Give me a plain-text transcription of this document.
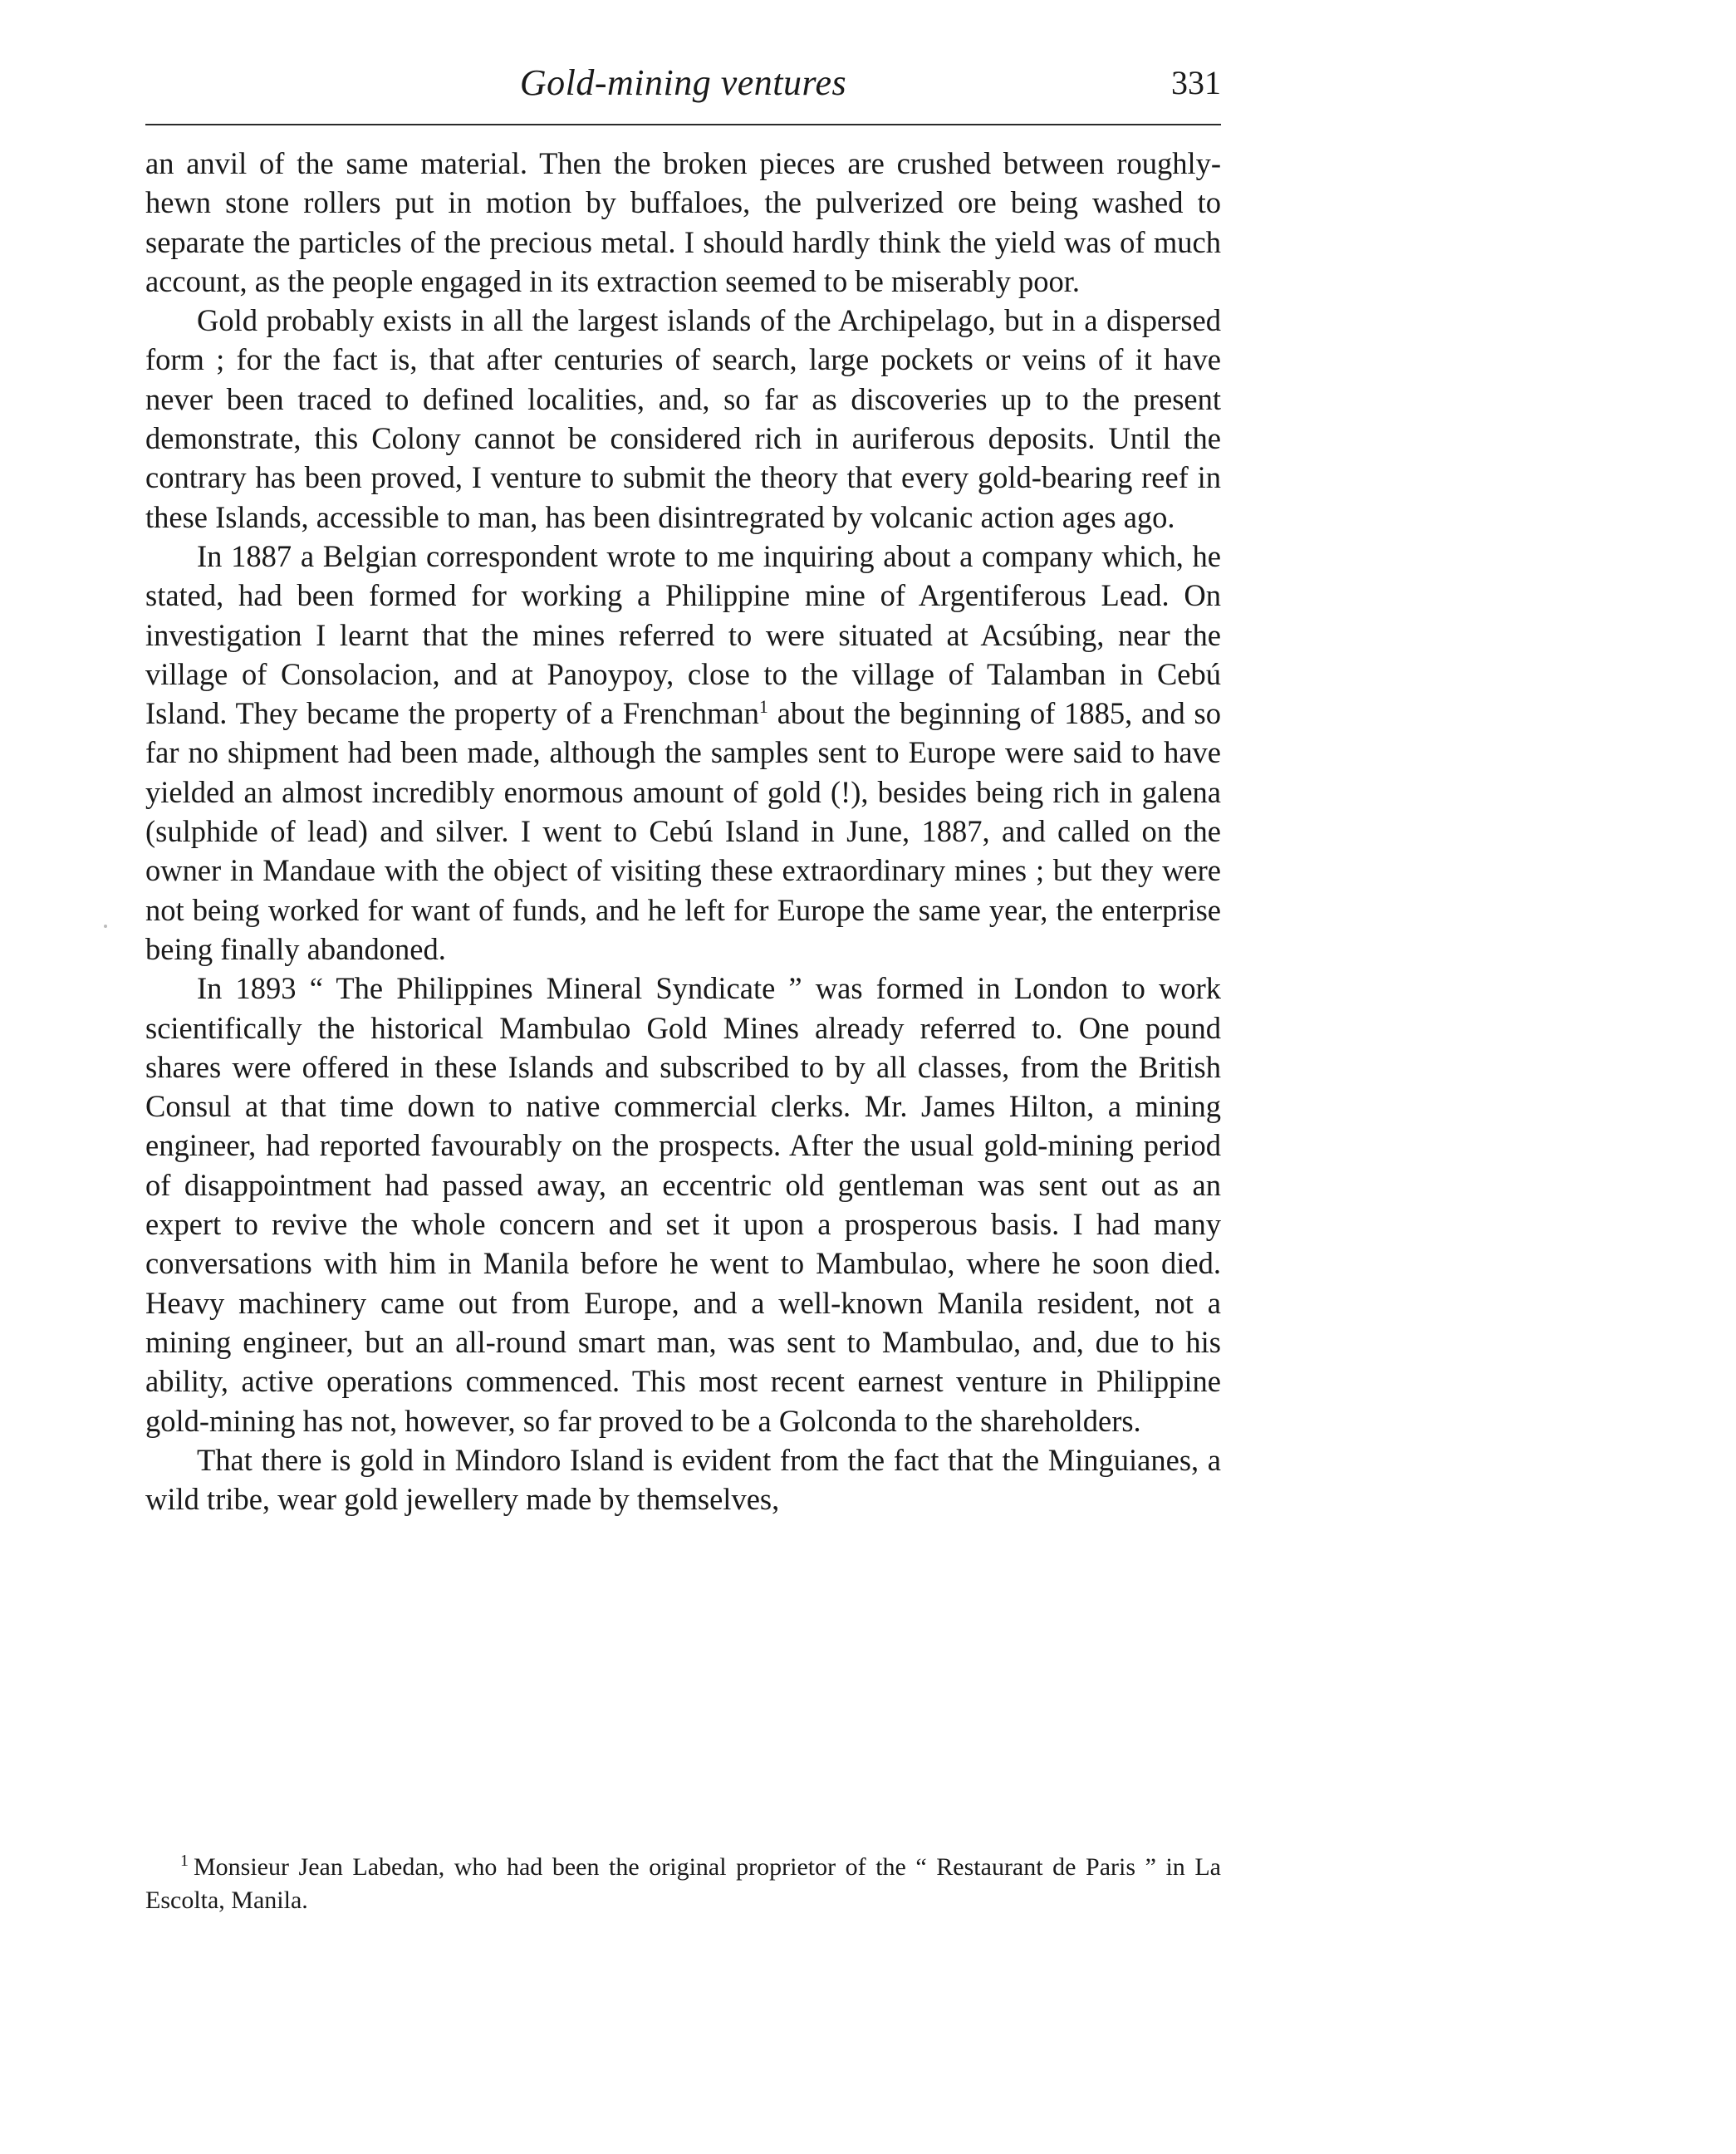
Gold-mining ventures	331

an anvil of the same material. Then the broken pieces are crushed between roughly-hewn stone rollers put in motion by buffaloes, the pulverized ore being washed to separate the particles of the precious metal. I should hardly think the yield was of much account, as the people engaged in its extraction seemed to be miserably poor.

Gold probably exists in all the largest islands of the Archipelago, but in a dispersed form ; for the fact is, that after centuries of search, large pockets or veins of it have never been traced to defined localities, and, so far as discoveries up to the present demonstrate, this Colony cannot be considered rich in auriferous deposits. Until the contrary has been proved, I venture to submit the theory that every gold-bearing reef in these Islands, accessible to man, has been disintregrated by volcanic action ages ago.

In 1887 a Belgian correspondent wrote to me inquiring about a company which, he stated, had been formed for working a Philippine mine of Argentiferous Lead. On investigation I learnt that the mines referred to were situated at Acsúbing, near the village of Consolacion, and at Panoypoy, close to the village of Talamban in Cebú Island. They became the property of a Frenchman$^1$ about the beginning of 1885, and so far no shipment had been made, although the samples sent to Europe were said to have yielded an almost incredibly enormous amount of gold (!), besides being rich in galena (sulphide of lead) and silver. I went to Cebú Island in June, 1887, and called on the owner in Mandaue with the object of visiting these extraordinary mines ; but they were not being worked for want of funds, and he left for Europe the same year, the enterprise being finally abandoned.

In 1893 “ The Philippines Mineral Syndicate ” was formed in London to work scientifically the historical Mambulao Gold Mines already referred to. One pound shares were offered in these Islands and subscribed to by all classes, from the British Consul at that time down to native commercial clerks. Mr. James Hilton, a mining engineer, had reported favourably on the prospects. After the usual gold-mining period of disappointment had passed away, an eccentric old gentleman was sent out as an expert to revive the whole concern and set it upon a prosperous basis. I had many conversations with him in Manila before he went to Mambulao, where he soon died. Heavy machinery came out from Europe, and a well-known Manila resident, not a mining engineer, but an all-round smart man, was sent to Mambulao, and, due to his ability, active operations commenced. This most recent earnest venture in Philippine gold-mining has not, however, so far proved to be a Golconda to the shareholders.

That there is gold in Mindoro Island is evident from the fact that the Minguianes, a wild tribe, wear gold jewellery made by themselves,

$^1$ Monsieur Jean Labedan, who had been the original proprietor of the “ Restaurant de Paris ” in La Escolta, Manila.
